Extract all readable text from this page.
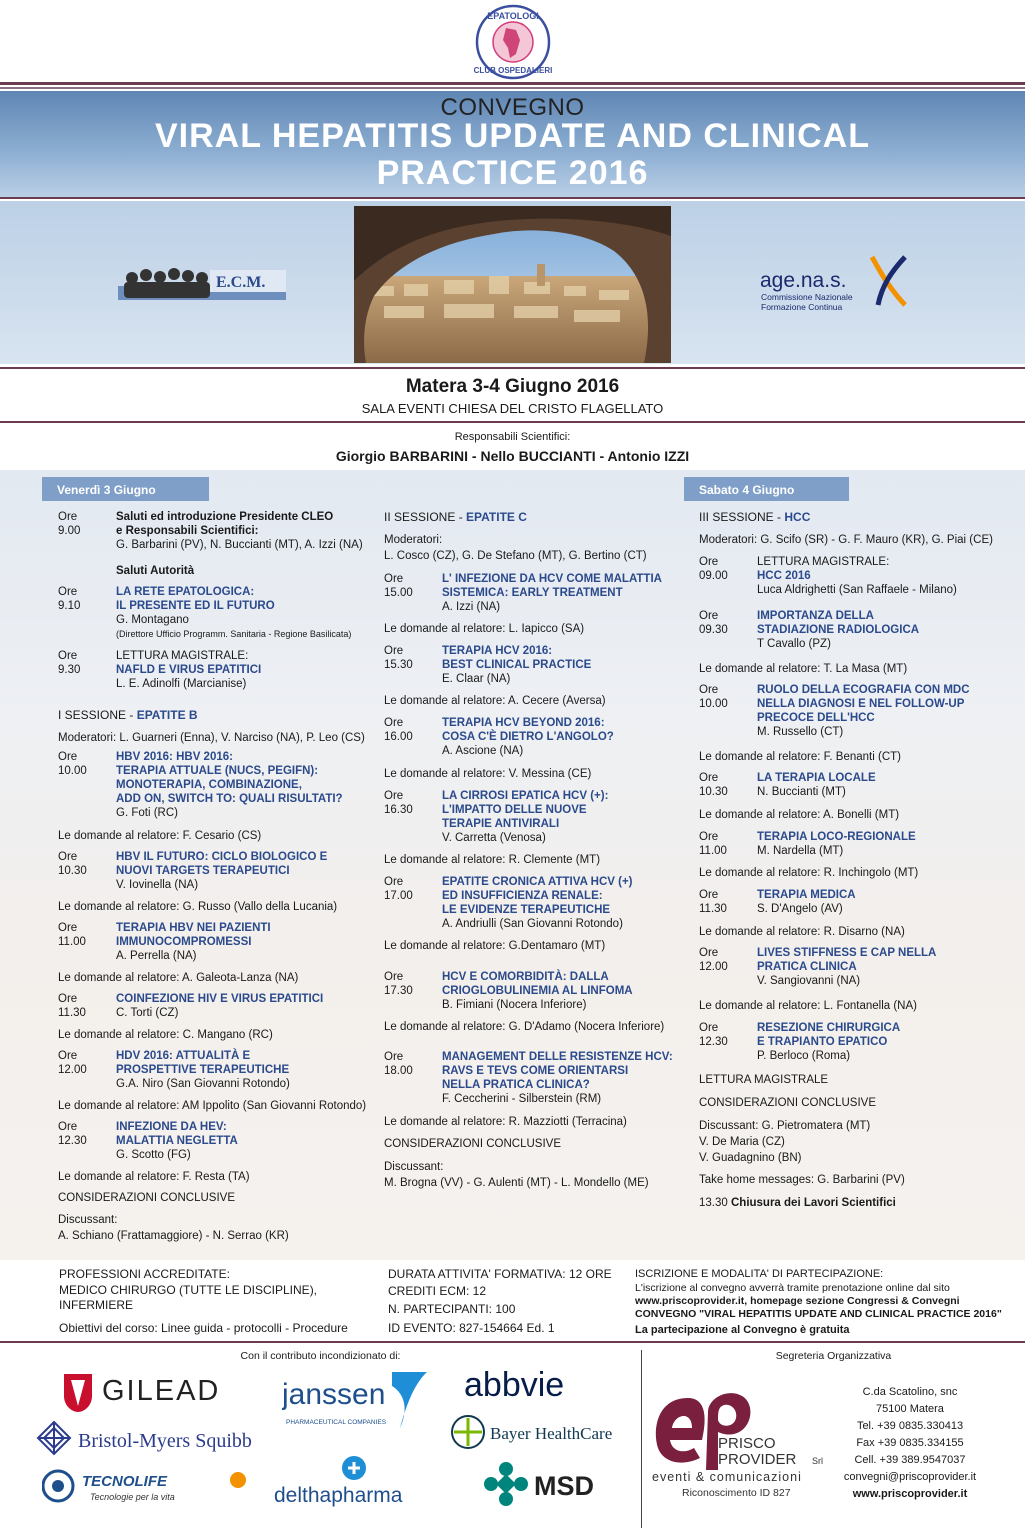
EPATOLOGI
CLUB OSPEDALIERI
CONVEGNO
VIRAL HEPATITIS UPDATE AND CLINICAL
PRACTICE 2016
E.C.M.	age.na.s.
Commissione Nazionale
Formazione Continua
Matera 3-4 Giugno 2016
SALA EVENTI CHIESA DEL CRISTO FLAGELLATO
Responsabili Scientifici:
Giorgio BARBARINI - Nello BUCCIANTI - Antonio IZZI
Venerdì 3 Giugno	Sabato 4 Giugno
Ore 9.00
Saluti ed introduzione Presidente CLEO
e Responsabili Scientifici:
G. Barbarini (PV), N. Buccianti (MT), A. Izzi (NA)
Saluti Autorità
Ore 9.10
LA RETE EPATOLOGICA:
IL PRESENTE ED IL FUTURO
G. Montagano
(Direttore Ufficio Programm. Sanitaria - Regione Basilicata)
Ore 9.30
LETTURA MAGISTRALE:
NAFLD E VIRUS EPATITICI
L. E. Adinolfi (Marcianise)
I SESSIONE - EPATITE B
Moderatori: L. Guarneri (Enna), V. Narciso (NA), P. Leo (CS)
Ore 10.00
HBV 2016: HBV 2016:
TERAPIA ATTUALE (NUCS, PEGIFN):
MONOTERAPIA, COMBINAZIONE,
ADD ON, SWITCH TO: QUALI RISULTATI?
G. Foti (RC)
Le domande al relatore: F. Cesario (CS)
Ore 10.30
HBV IL FUTURO: CICLO BIOLOGICO E
NUOVI TARGETS TERAPEUTICI
V. Iovinella (NA)
Le domande al relatore: G. Russo (Vallo della Lucania)
Ore 11.00
TERAPIA HBV NEI PAZIENTI
IMMUNOCOMPROMESSI
A. Perrella (NA)
Le domande al relatore: A. Galeota-Lanza (NA)
Ore 11.30
COINFEZIONE HIV E VIRUS EPATITICI
C. Torti (CZ)
Le domande al relatore: C. Mangano (RC)
Ore 12.00
HDV 2016: ATTUALITÀ E
PROSPETTIVE TERAPEUTICHE
G.A. Niro (San Giovanni Rotondo)
Le domande al relatore: AM Ippolito (San Giovanni Rotondo)
Ore 12.30
INFEZIONE DA HEV:
MALATTIA NEGLETTA
G. Scotto (FG)
Le domande al relatore: F. Resta (TA)
CONSIDERAZIONI CONCLUSIVE
Discussant:
A. Schiano (Frattamaggiore) - N. Serrao (KR)
II SESSIONE - EPATITE C
Moderatori:
L. Cosco (CZ), G. De Stefano (MT), G. Bertino (CT)
Ore 15.00
L' INFEZIONE DA HCV COME MALATTIA
SISTEMICA: EARLY TREATMENT
A. Izzi (NA)
Le domande al relatore: L. Iapicco (SA)
Ore 15.30
TERAPIA HCV 2016:
BEST CLINICAL PRACTICE
E. Claar (NA)
Le domande al relatore: A. Cecere (Aversa)
Ore 16.00
TERAPIA HCV BEYOND 2016:
COSA C'È DIETRO L'ANGOLO?
A. Ascione (NA)
Le domande al relatore: V. Messina (CE)
Ore 16.30
LA CIRROSI EPATICA HCV (+):
L'IMPATTO DELLE NUOVE
TERAPIE ANTIVIRALI
V. Carretta (Venosa)
Le domande al relatore: R. Clemente (MT)
Ore 17.00
EPATITE CRONICA ATTIVA HCV (+)
ED INSUFFICIENZA RENALE:
LE EVIDENZE TERAPEUTICHE
A. Andriulli (San Giovanni Rotondo)
Le domande al relatore: G.Dentamaro (MT)
Ore 17.30
HCV E COMORBIDITÀ: DALLA
CRIOGLOBULINEMIA AL LINFOMA
B. Fimiani (Nocera Inferiore)
Le domande al relatore: G. D'Adamo (Nocera Inferiore)
Ore 18.00
MANAGEMENT DELLE RESISTENZE HCV:
RAVS E TEVS COME ORIENTARSI
NELLA PRATICA CLINICA?
F. Ceccherini - Silberstein (RM)
Le domande al relatore: R. Mazziotti (Terracina)
CONSIDERAZIONI CONCLUSIVE
Discussant:
M. Brogna (VV) - G. Aulenti (MT) - L. Mondello (ME)
III SESSIONE - HCC
Moderatori: G. Scifo (SR) - G. F. Mauro (KR), G. Piai (CE)
Ore 09.00
LETTURA MAGISTRALE:
HCC 2016
Luca Aldrighetti (San Raffaele - Milano)
Ore 09.30
IMPORTANZA DELLA
STADIAZIONE RADIOLOGICA
T Cavallo (PZ)
Le domande al relatore: T. La Masa (MT)
Ore 10.00
RUOLO DELLA ECOGRAFIA CON MDC
NELLA DIAGNOSI E NEL FOLLOW-UP
PRECOCE DELL'HCC
M. Russello (CT)
Le domande al relatore: F. Benanti (CT)
Ore 10.30
LA TERAPIA LOCALE
N. Buccianti (MT)
Le domande al relatore: A. Bonelli (MT)
Ore 11.00
TERAPIA LOCO-REGIONALE
M. Nardella (MT)
Le domande al relatore: R. Inchingolo (MT)
Ore 11.30
TERAPIA MEDICA
S. D'Angelo (AV)
Le domande al relatore: R. Disarno (NA)
Ore 12.00
LIVES STIFFNESS E CAP NELLA
PRATICA CLINICA
V. Sangiovanni (NA)
Le domande al relatore: L. Fontanella (NA)
Ore 12.30
RESEZIONE CHIRURGICA
E TRAPIANTO EPATICO
P. Berloco (Roma)
LETTURA MAGISTRALE
CONSIDERAZIONI CONCLUSIVE
Discussant: G. Pietromatera (MT)
V. De Maria (CZ)
V. Guadagnino (BN)
Take home messages: G. Barbarini (PV)
13.30 Chiusura dei Lavori Scientifici
PROFESSIONI ACCREDITATE:
MEDICO CHIRURGO (TUTTE LE DISCIPLINE),
INFERMIERE
Obiettivi del corso: Linee guida - protocolli - Procedure
DURATA ATTIVITA' FORMATIVA: 12 ORE
CREDITI ECM: 12
N. PARTECIPANTI: 100
ID EVENTO: 827-154664 Ed. 1
ISCRIZIONE E MODALITA' DI PARTECIPAZIONE:
L'iscrizione al convegno avverrà tramite prenotazione online dal sito
www.priscoprovider.it, homepage sezione Congressi & Convegni
CONVEGNO "VIRAL HEPATITIS UPDATE AND CLINICAL PRACTICE 2016"
La partecipazione al Convegno è gratuita
Con il contributo incondizionato di:	Segreteria Organizzativa
GILEAD janssen
PHARMACEUTICAL COMPANIES
abbvie
Bristol-Myers Squibb	Bayer HealthCare
TECNOLIFE
Tecnologie per la vita	delthapharma	MSD
PRISCO
PROVIDER Srl
eventi & comunicazioni
Riconoscimento ID 827
C.da Scatolino, snc
75100 Matera
Tel. +39 0835.330413
Fax +39 0835.334155
Cell. +39 389.9547037
convegni@priscoprovider.it
www.priscoprovider.it
